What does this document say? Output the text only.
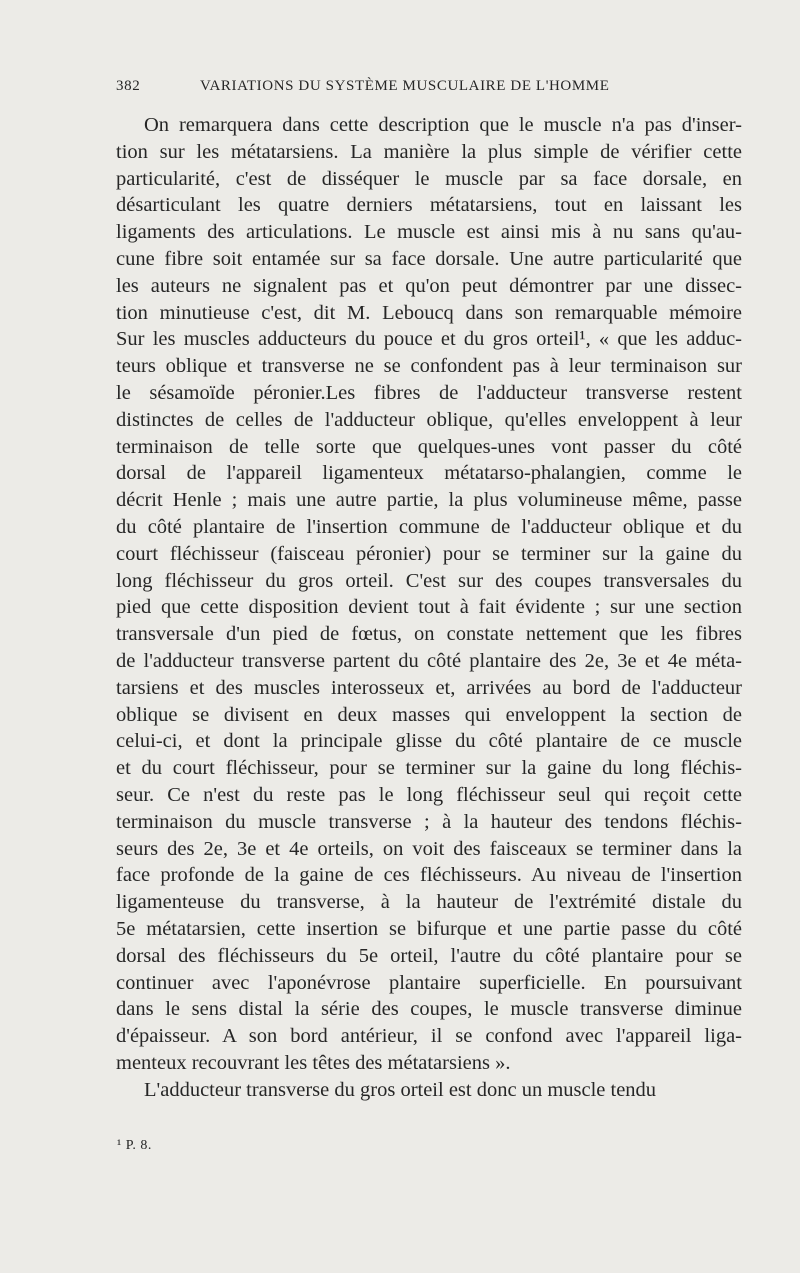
382	VARIATIONS DU SYSTÈME MUSCULAIRE DE L'HOMME
On remarquera dans cette description que le muscle n'a pas d'inser-
tion sur les métatarsiens. La manière la plus simple de vérifier cette
particularité, c'est de disséquer le muscle par sa face dorsale, en
désarticulant les quatre derniers métatarsiens, tout en laissant les
ligaments des articulations. Le muscle est ainsi mis à nu sans qu'au-
cune fibre soit entamée sur sa face dorsale. Une autre particularité que
les auteurs ne signalent pas et qu'on peut démontrer par une dissec-
tion minutieuse c'est, dit M. Leboucq dans son remarquable mémoire
Sur les muscles adducteurs du pouce et du gros orteil¹, « que les adduc-
teurs oblique et transverse ne se confondent pas à leur terminaison sur
le sésamoïde péronier.Les fibres de l'adducteur transverse restent
distinctes de celles de l'adducteur oblique, qu'elles enveloppent à leur
terminaison de telle sorte que quelques-unes vont passer du côté
dorsal de l'appareil ligamenteux métatarso-phalangien, comme le
décrit Henle ; mais une autre partie, la plus volumineuse même, passe
du côté plantaire de l'insertion commune de l'adducteur oblique et du
court fléchisseur (faisceau péronier) pour se terminer sur la gaine du
long fléchisseur du gros orteil. C'est sur des coupes transversales du
pied que cette disposition devient tout à fait évidente ; sur une section
transversale d'un pied de fœtus, on constate nettement que les fibres
de l'adducteur transverse partent du côté plantaire des 2e, 3e et 4e méta-
tarsiens et des muscles interosseux et, arrivées au bord de l'adducteur
oblique se divisent en deux masses qui enveloppent la section de
celui-ci, et dont la principale glisse du côté plantaire de ce muscle
et du court fléchisseur, pour se terminer sur la gaine du long fléchis-
seur. Ce n'est du reste pas le long fléchisseur seul qui reçoit cette
terminaison du muscle transverse ; à la hauteur des tendons fléchis-
seurs des 2e, 3e et 4e orteils, on voit des faisceaux se terminer dans la
face profonde de la gaine de ces fléchisseurs. Au niveau de l'insertion
ligamenteuse du transverse, à la hauteur de l'extrémité distale du
5e métatarsien, cette insertion se bifurque et une partie passe du côté
dorsal des fléchisseurs du 5e orteil, l'autre du côté plantaire pour se
continuer avec l'aponévrose plantaire superficielle. En poursuivant
dans le sens distal la série des coupes, le muscle transverse diminue
d'épaisseur. A son bord antérieur, il se confond avec l'appareil liga-
menteux recouvrant les têtes des métatarsiens ».
L'adducteur transverse du gros orteil est donc un muscle tendu
¹ P. 8.
